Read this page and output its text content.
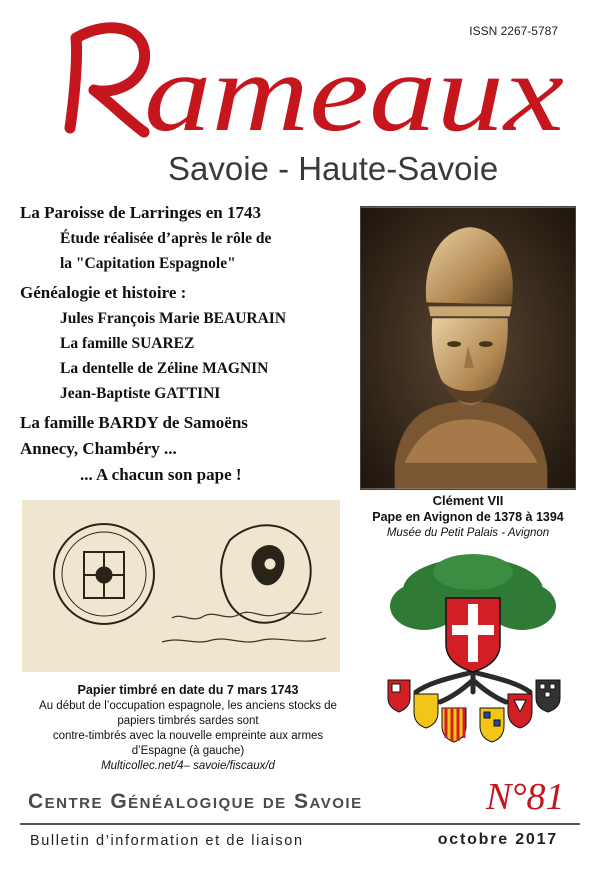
ISSN 2267-5787
ameaux
Savoie - Haute-Savoie
La Paroisse de Larringes en 1743
Étude réalisée d’après le rôle de
la "Capitation Espagnole"
Généalogie et histoire :
Jules François Marie BEAURAIN
La famille SUAREZ
La dentelle de Zéline MAGNIN
Jean-Baptiste GATTINI
La famille BARDY de Samoëns
Annecy, Chambéry ...
... A chacun son pape !
Clément VII
Pape en Avignon de 1378 à 1394
Musée du Petit Palais - Avignon
Papier timbré en date du 7 mars 1743
Au début de l’occupation espagnole, les anciens stocks de
papiers timbrés sardes sont
contre-timbrés avec la nouvelle empreinte aux armes
d’Espagne (à gauche)
Multicollec.net/4– savoie/fiscaux/d
Centre Généalogique de Savoie	N°81
Bulletin d’information et de liaison	octobre 2017
